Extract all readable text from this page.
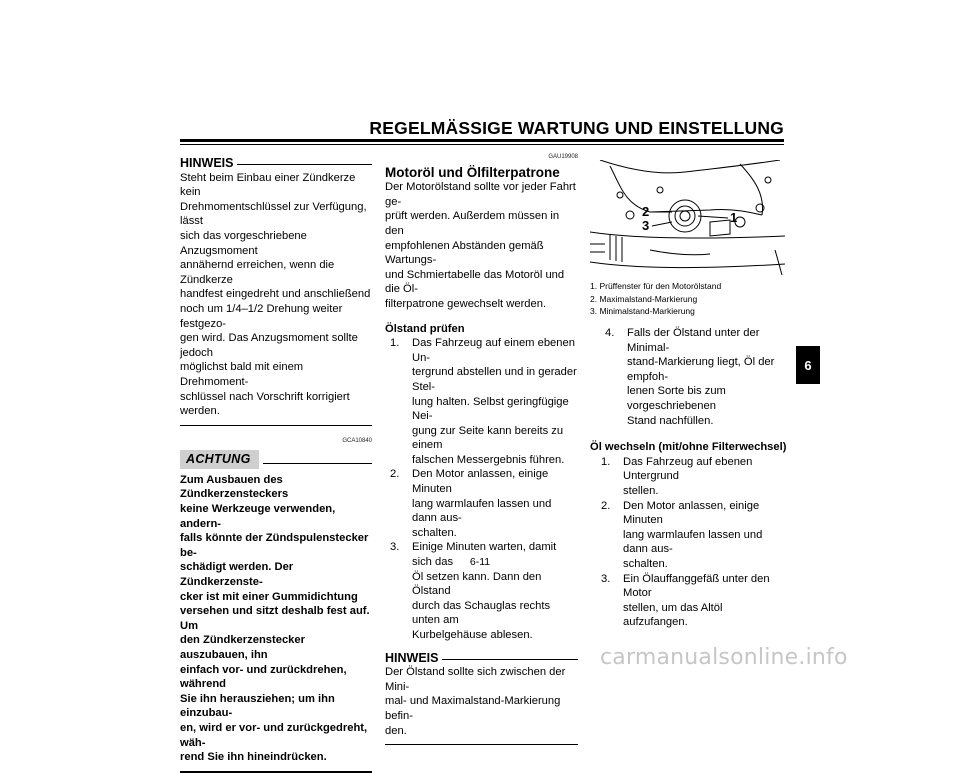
REGELMÄSSIGE WARTUNG UND EINSTELLUNG
HINWEIS

Steht beim Einbau einer Zündkerze kein

Drehmomentschlüssel zur Verfügung, lässt

sich das vorgeschriebene Anzugsmoment

annähernd erreichen, wenn die Zündkerze

handfest eingedreht und anschließend

noch um 1/4–1/2 Drehung weiter festgezo-

gen wird. Das Anzugsmoment sollte jedoch

möglichst bald mit einem Drehmoment-

schlüssel nach Vorschrift korrigiert werden.

GCA10840
ACHTUNG

Zum Ausbauen des Zündkerzensteckers

keine Werkzeuge verwenden, andern-

falls könnte der Zündspulenstecker be-

schädigt werden. Der Zündkerzenste-

cker ist mit einer Gummidichtung

versehen und sitzt deshalb fest auf. Um

den Zündkerzenstecker auszubauen, ihn

einfach vor- und zurückdrehen, während

Sie ihn herausziehen; um ihn einzubau-

en, wird er vor- und zurückgedreht, wäh-

rend Sie ihn hineindrücken.

GAU19908
Motoröl und Ölfilterpatrone

Der Motorölstand sollte vor jeder Fahrt ge-

prüft werden. Außerdem müssen in den

empfohlenen Abständen gemäß Wartungs-

und Schmiertabelle das Motoröl und die Öl-

filterpatrone gewechselt werden.

Ölstand prüfen
1.	Das Fahrzeug auf einem ebenen Un-

tergrund abstellen und in gerader Stel-

lung halten. Selbst geringfügige Nei-

gung zur Seite kann bereits zu einem

falschen Messergebnis führen.

2.	Den Motor anlassen, einige Minuten

lang warmlaufen lassen und dann aus-

schalten.

3.	Einige Minuten warten, damit sich das

Öl setzen kann. Dann den Ölstand

durch das Schauglas rechts unten am

Kurbelgehäuse ablesen.

HINWEIS

Der Ölstand sollte sich zwischen der Mini-

mal- und Maximalstand-Markierung befin-

den.

2
3
1
1. Prüffenster für den Motorölstand
2. Maximalstand-Markierung
3. Minimalstand-Markierung
4.	Falls der Ölstand unter der Minimal-

stand-Markierung liegt, Öl der empfoh-

lenen Sorte bis zum vorgeschriebenen

Stand nachfüllen.

Öl wechseln (mit/ohne Filterwechsel)
1.	Das Fahrzeug auf ebenen Untergrund

stellen.

2.	Den Motor anlassen, einige Minuten

lang warmlaufen lassen und dann aus-

schalten.

3.	Ein Ölauffanggefäß unter den Motor

stellen, um das Altöl aufzufangen.

6
6-11
carmanualsonline.info
